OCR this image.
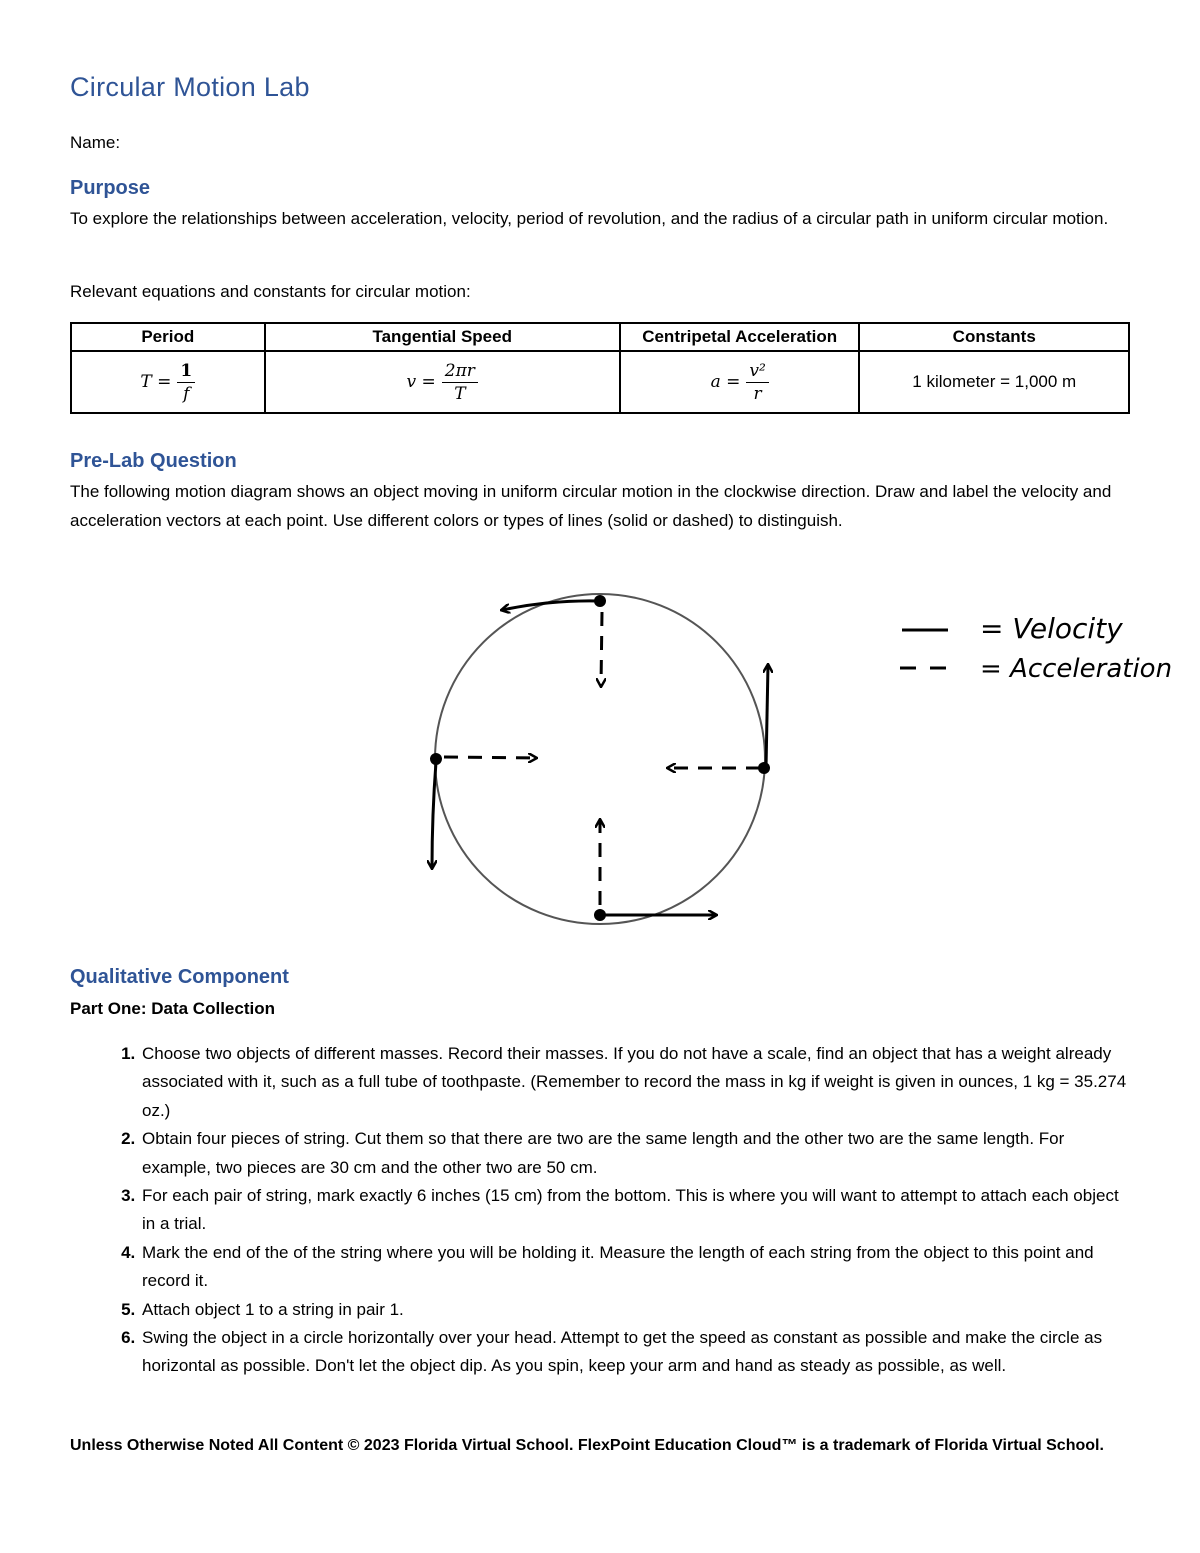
Circular Motion Lab
Name:
Purpose
To explore the relationships between acceleration, velocity, period of revolution, and the radius of a circular path in uniform circular motion.
Relevant equations and constants for circular motion:
Period	Tangential Speed	Centripetal Acceleration	Constants

$T = \frac{1}{f}$	$v = \frac{2\pi r}{T}$	$a = \frac{\text{v²}}{r}$	1 kilometer = 1,000 m
Pre-Lab Question
The following motion diagram shows an object moving in uniform circular motion in the clockwise direction. Draw and label the velocity and acceleration vectors at each point. Use different colors or types of lines (solid or dashed) to distinguish.
= Velocity
= Acceleration
Qualitative Component
Part One: Data Collection
1. Choose two objects of different masses. Record their masses. If you do not have a scale, find an object that has a weight already associated with it, such as a full tube of toothpaste. (Remember to record the mass in kg if weight is given in ounces, 1 kg = 35.274 oz.)
2. Obtain four pieces of string. Cut them so that there are two are the same length and the other two are the same length. For example, two pieces are 30 cm and the other two are 50 cm.
3. For each pair of string, mark exactly 6 inches (15 cm) from the bottom. This is where you will want to attempt to attach each object in a trial.
4. Mark the end of the of the string where you will be holding it. Measure the length of each string from the object to this point and record it.
5. Attach object 1 to a string in pair 1.
6. Swing the object in a circle horizontally over your head. Attempt to get the speed as constant as possible and make the circle as horizontal as possible. Don't let the object dip. As you spin, keep your arm and hand as steady as possible, as well.
Unless Otherwise Noted All Content © 2023 Florida Virtual School. FlexPoint Education Cloud™ is a trademark of Florida Virtual School.
